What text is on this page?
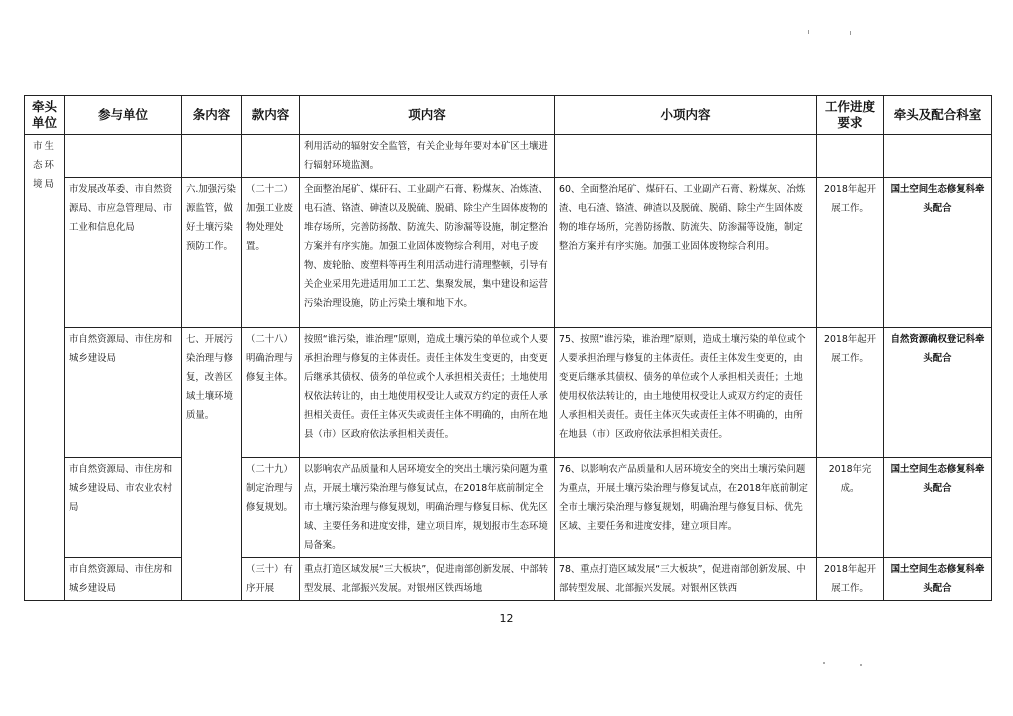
牵头单位	参与单位	条内容	款内容	项内容	小项内容	工作进度要求	牵头及配合科室
市生态环境局				利用活动的辐射安全监管，有关企业每年要对本矿区土壤进行辐射环境监测。			
	市发展改革委、市自然资源局、市应急管理局、市工业和信息化局	六.加强污染源监管，做好土壤污染预防工作。	（二十二）加强工业废物处理处置。	全面整治尾矿、煤矸石、工业副产石膏、粉煤灰、冶炼渣、电石渣、铬渣、砷渣以及脱硫、脱硝、除尘产生固体废物的堆存场所，完善防扬散、防流失、防渗漏等设施，制定整治方案并有序实施。加强工业固体废物综合利用，对电子废物、废轮胎、废塑料等再生利用活动进行清理整顿，引导有关企业采用先进适用加工工艺、集聚发展，集中建设和运营污染治理设施，防止污染土壤和地下水。	60、全面整治尾矿、煤矸石、工业副产石膏、粉煤灰、冶炼渣、电石渣、铬渣、砷渣以及脱硫、脱硝、除尘产生固体废物的堆存场所，完善防扬散、防流失、防渗漏等设施，制定整治方案并有序实施。加强工业固体废物综合利用。	2018年起开展工作。	国土空间生态修复科牵头配合
	市自然资源局、市住房和城乡建设局	七、开展污染治理与修复，改善区域土壤环境质量。	（二十八）明确治理与修复主体。	按照“谁污染，谁治理”原则，造成土壤污染的单位或个人要承担治理与修复的主体责任。责任主体发生变更的，由变更后继承其债权、债务的单位或个人承担相关责任；土地使用权依法转让的，由土地使用权受让人或双方约定的责任人承担相关责任。责任主体灭失或责任主体不明确的，由所在地县（市）区政府依法承担相关责任。	75、按照“谁污染，谁治理”原则，造成土壤污染的单位或个人要承担治理与修复的主体责任。责任主体发生变更的，由变更后继承其债权、债务的单位或个人承担相关责任；土地使用权依法转让的，由土地使用权受让人或双方约定的责任人承担相关责任。责任主体灭失或责任主体不明确的，由所在地县（市）区政府依法承担相关责任。	2018年起开展工作。	自然资源确权登记科牵头配合
	市自然资源局、市住房和城乡建设局、市农业农村局		（二十九）制定治理与修复规划。	以影响农产品质量和人居环境安全的突出土壤污染问题为重点，开展土壤污染治理与修复试点，在2018年底前制定全市土壤污染治理与修复规划，明确治理与修复目标、优先区域、主要任务和进度安排，建立项目库，规划报市生态环境局备案。	76、以影响农产品质量和人居环境安全的突出土壤污染问题为重点，开展土壤污染治理与修复试点，在2018年底前制定全市土壤污染治理与修复规划，明确治理与修复目标、优先区域、主要任务和进度安排，建立项目库。	2018年完成。	国土空间生态修复科牵头配合
	市自然资源局、市住房和城乡建设局		（三十）有序开展	重点打造区域发展“三大板块”，促进南部创新发展、中部转型发展、北部振兴发展。对银州区铁西场地	78、重点打造区域发展“三大板块”，促进南部创新发展、中部转型发展、北部振兴发展。对银州区铁西	2018年起开展工作。	国土空间生态修复科牵头配合
12
